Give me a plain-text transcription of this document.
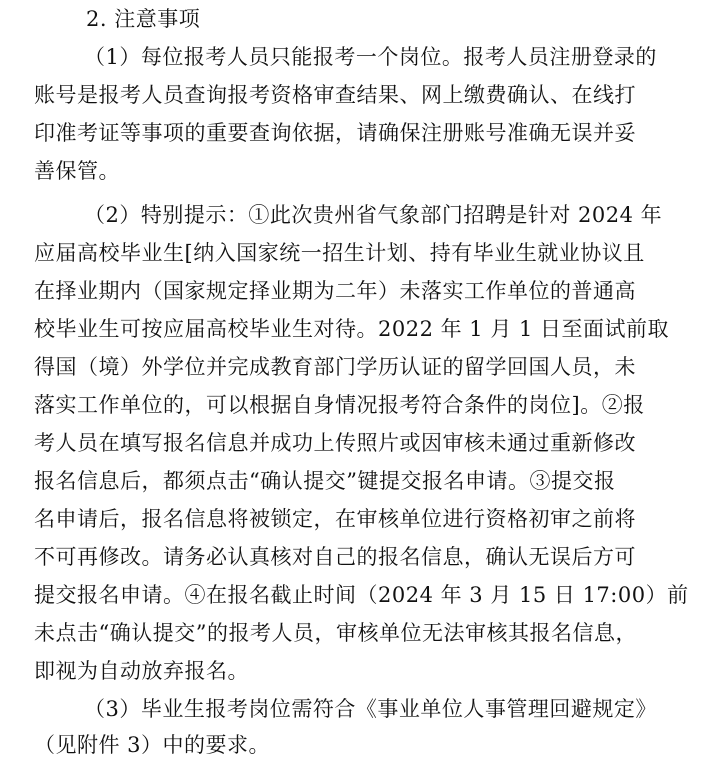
2. 注意事项
（1）每位报考人员只能报考一个岗位。报考人员注册登录的
账号是报考人员查询报考资格审查结果、网上缴费确认、在线打
印准考证等事项的重要查询依据，请确保注册账号准确无误并妥
善保管。
（2）特别提示：①此次贵州省气象部门招聘是针对 2024 年
应届高校毕业生[纳入国家统一招生计划、持有毕业生就业协议且
在择业期内（国家规定择业期为二年）未落实工作单位的普通高
校毕业生可按应届高校毕业生对待。2022 年 1 月 1 日至面试前取
得国（境）外学位并完成教育部门学历认证的留学回国人员，未
落实工作单位的，可以根据自身情况报考符合条件的岗位]。②报
考人员在填写报名信息并成功上传照片或因审核未通过重新修改
报名信息后，都须点击“确认提交”键提交报名申请。③提交报
名申请后，报名信息将被锁定，在审核单位进行资格初审之前将
不可再修改。请务必认真核对自己的报名信息，确认无误后方可
提交报名申请。④在报名截止时间（2024 年 3 月 15 日 17:00）前
未点击“确认提交”的报考人员，审核单位无法审核其报名信息，
即视为自动放弃报名。
（3）毕业生报考岗位需符合《事业单位人事管理回避规定》
（见附件 3）中的要求。
